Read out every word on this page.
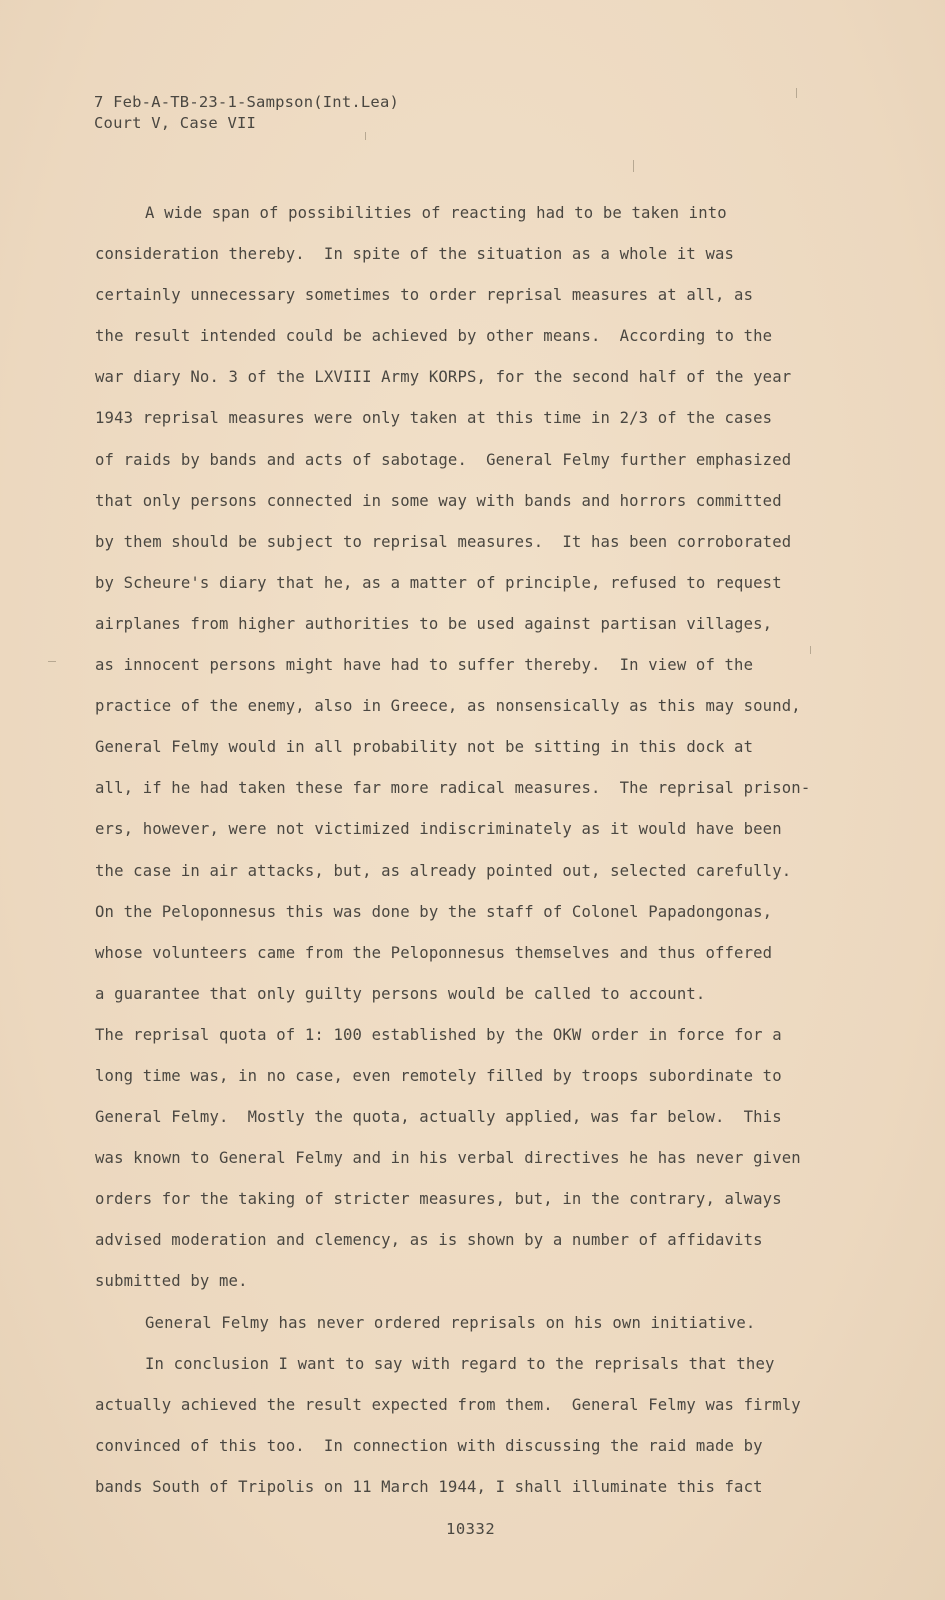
7 Feb-A-TB-23-1-Sampson(Int.Lea)
Court V, Case VII
A wide span of possibilities of reacting had to be taken into
consideration thereby.  In spite of the situation as a whole it was
certainly unnecessary sometimes to order reprisal measures at all, as
the result intended could be achieved by other means.  According to the
war diary No. 3 of the LXVIII Army KORPS, for the second half of the year
1943 reprisal measures were only taken at this time in 2/3 of the cases
of raids by bands and acts of sabotage.  General Felmy further emphasized
that only persons connected in some way with bands and horrors committed
by them should be subject to reprisal measures.  It has been corroborated
by Scheure's diary that he, as a matter of principle, refused to request
airplanes from higher authorities to be used against partisan villages,
as innocent persons might have had to suffer thereby.  In view of the
practice of the enemy, also in Greece, as nonsensically as this may sound,
General Felmy would in all probability not be sitting in this dock at
all, if he had taken these far more radical measures.  The reprisal prison-
ers, however, were not victimized indiscriminately as it would have been
the case in air attacks, but, as already pointed out, selected carefully.
On the Peloponnesus this was done by the staff of Colonel Papadongonas,
whose volunteers came from the Peloponnesus themselves and thus offered
a guarantee that only guilty persons would be called to account.
The reprisal quota of 1: 100 established by the OKW order in force for a
long time was, in no case, even remotely filled by troops subordinate to
General Felmy.  Mostly the quota, actually applied, was far below.  This
was known to General Felmy and in his verbal directives he has never given
orders for the taking of stricter measures, but, in the contrary, always
advised moderation and clemency, as is shown by a number of affidavits
submitted by me.
General Felmy has never ordered reprisals on his own initiative.
In conclusion I want to say with regard to the reprisals that they
actually achieved the result expected from them.  General Felmy was firmly
convinced of this too.  In connection with discussing the raid made by
bands South of Tripolis on 11 March 1944, I shall illuminate this fact
10332
